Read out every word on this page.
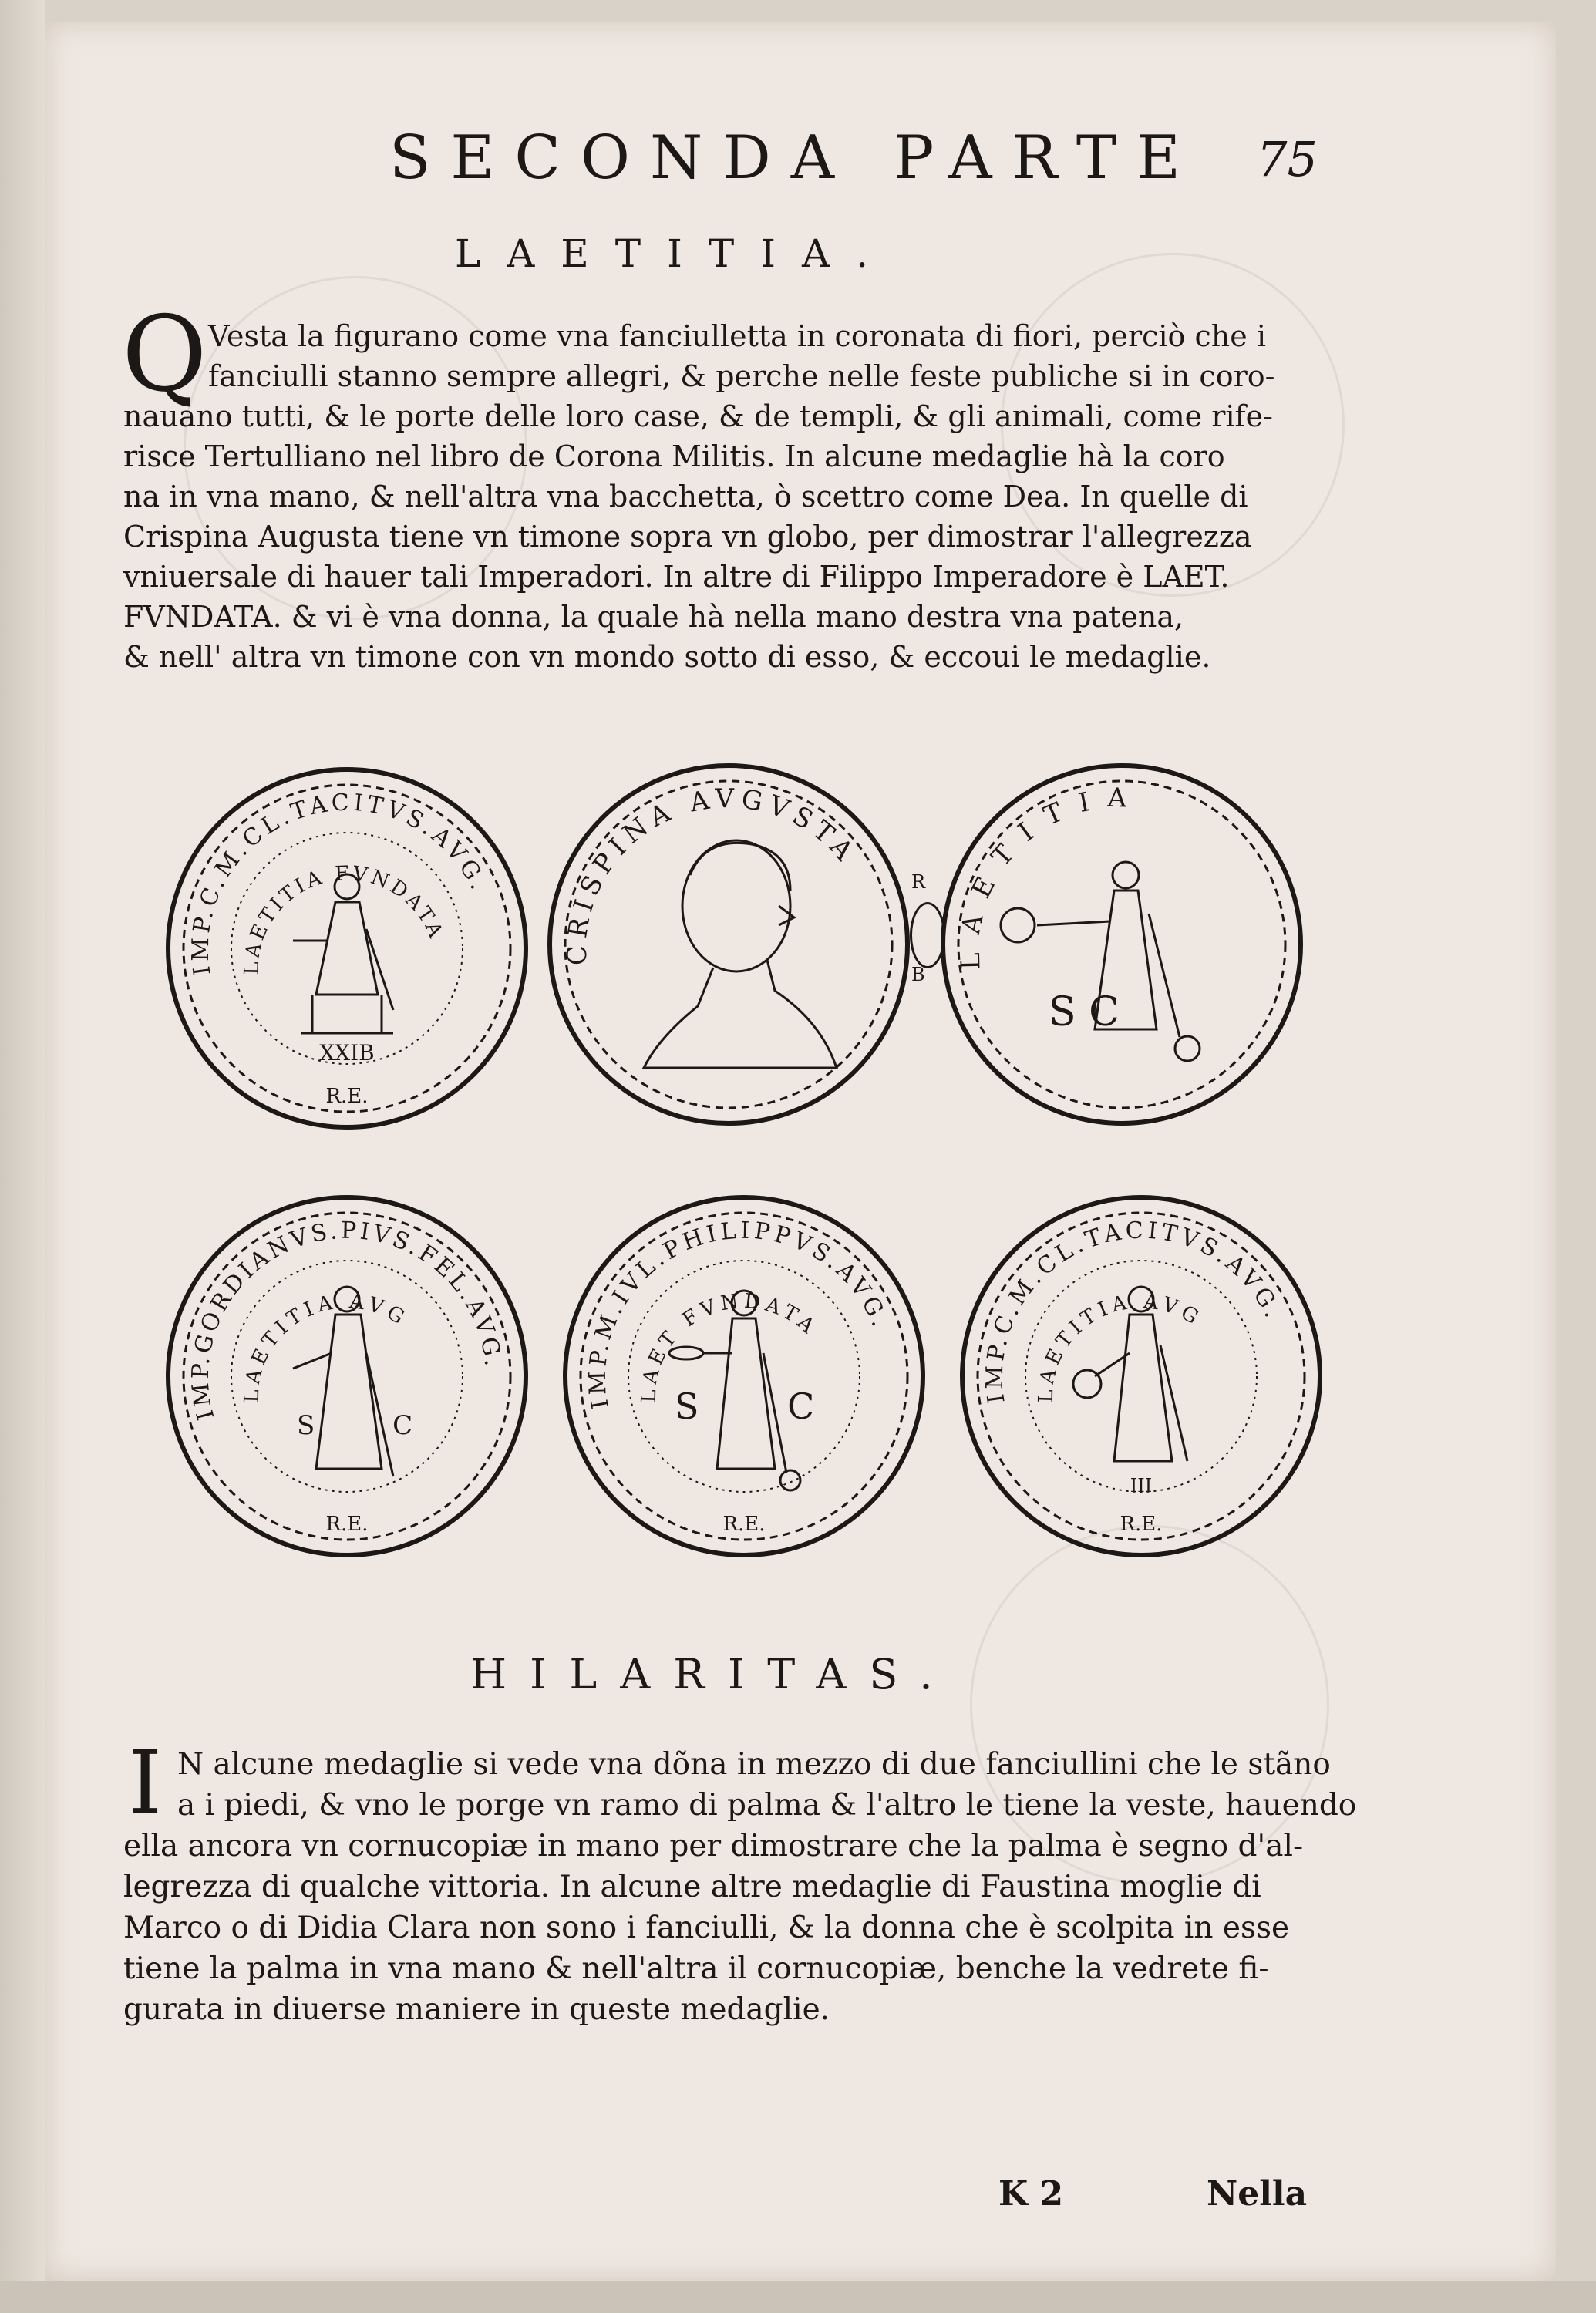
SECONDA PARTE 75
LAETITIA.
Q Vesta la figurano come vna fanciulletta in coronata di fiori, perciò che i
fanciulli stanno sempre allegri, & perche nelle feste publiche si in coro-
nauano tutti, & le porte delle loro case, & de templi, & gli animali, come rife-
risce Tertulliano nel libro de Corona Militis. In alcune medaglie hà la coro
na in vna mano, & nell'altra vna bacchetta, ò scettro come Dea. In quelle di
Crispina Augusta tiene vn timone sopra vn globo, per dimostrar l'allegrezza
vniuersale di hauer tali Imperadori. In altre di Filippo Imperadore è LAET.
FVNDATA. & vi è vna donna, la quale hà nella mano destra vna patena,
& nell' altra vn timone con vn mondo sotto di esso, & eccoui le medaglie.
IMP.C.M.CL.TACITVS.AVG.
LAETITIA FVNDATA
XXIB
R.E.
CRISPINA AVGVSTA
LAETITIA
S C
R
B
IMP.GORDIANVS.PIVS.FEL.AVG.
LAETITIA AVG
S C
R.E.
IMP.M.IVL.PHILIPPVS.AVG.
LAET FVNDATA
S C
R.E.
IMP.C.M.CL.TACITVS.AVG.
LAETITIA AVG
III
R.E.
HILARITAS.
I N alcune medaglie si vede vna dõna in mezzo di due fanciullini che le stãno
a i piedi, & vno le porge vn ramo di palma & l'altro le tiene la veste, hauendo
ella ancora vn cornucopiæ in mano per dimostrare che la palma è segno d'al-
legrezza di qualche vittoria. In alcune altre medaglie di Faustina moglie di
Marco o di Didia Clara non sono i fanciulli, & la donna che è scolpita in esse
tiene la palma in vna mano & nell'altra il cornucopiæ, benche la vedrete fi-
gurata in diuerse maniere in queste medaglie.
K 2	Nella
